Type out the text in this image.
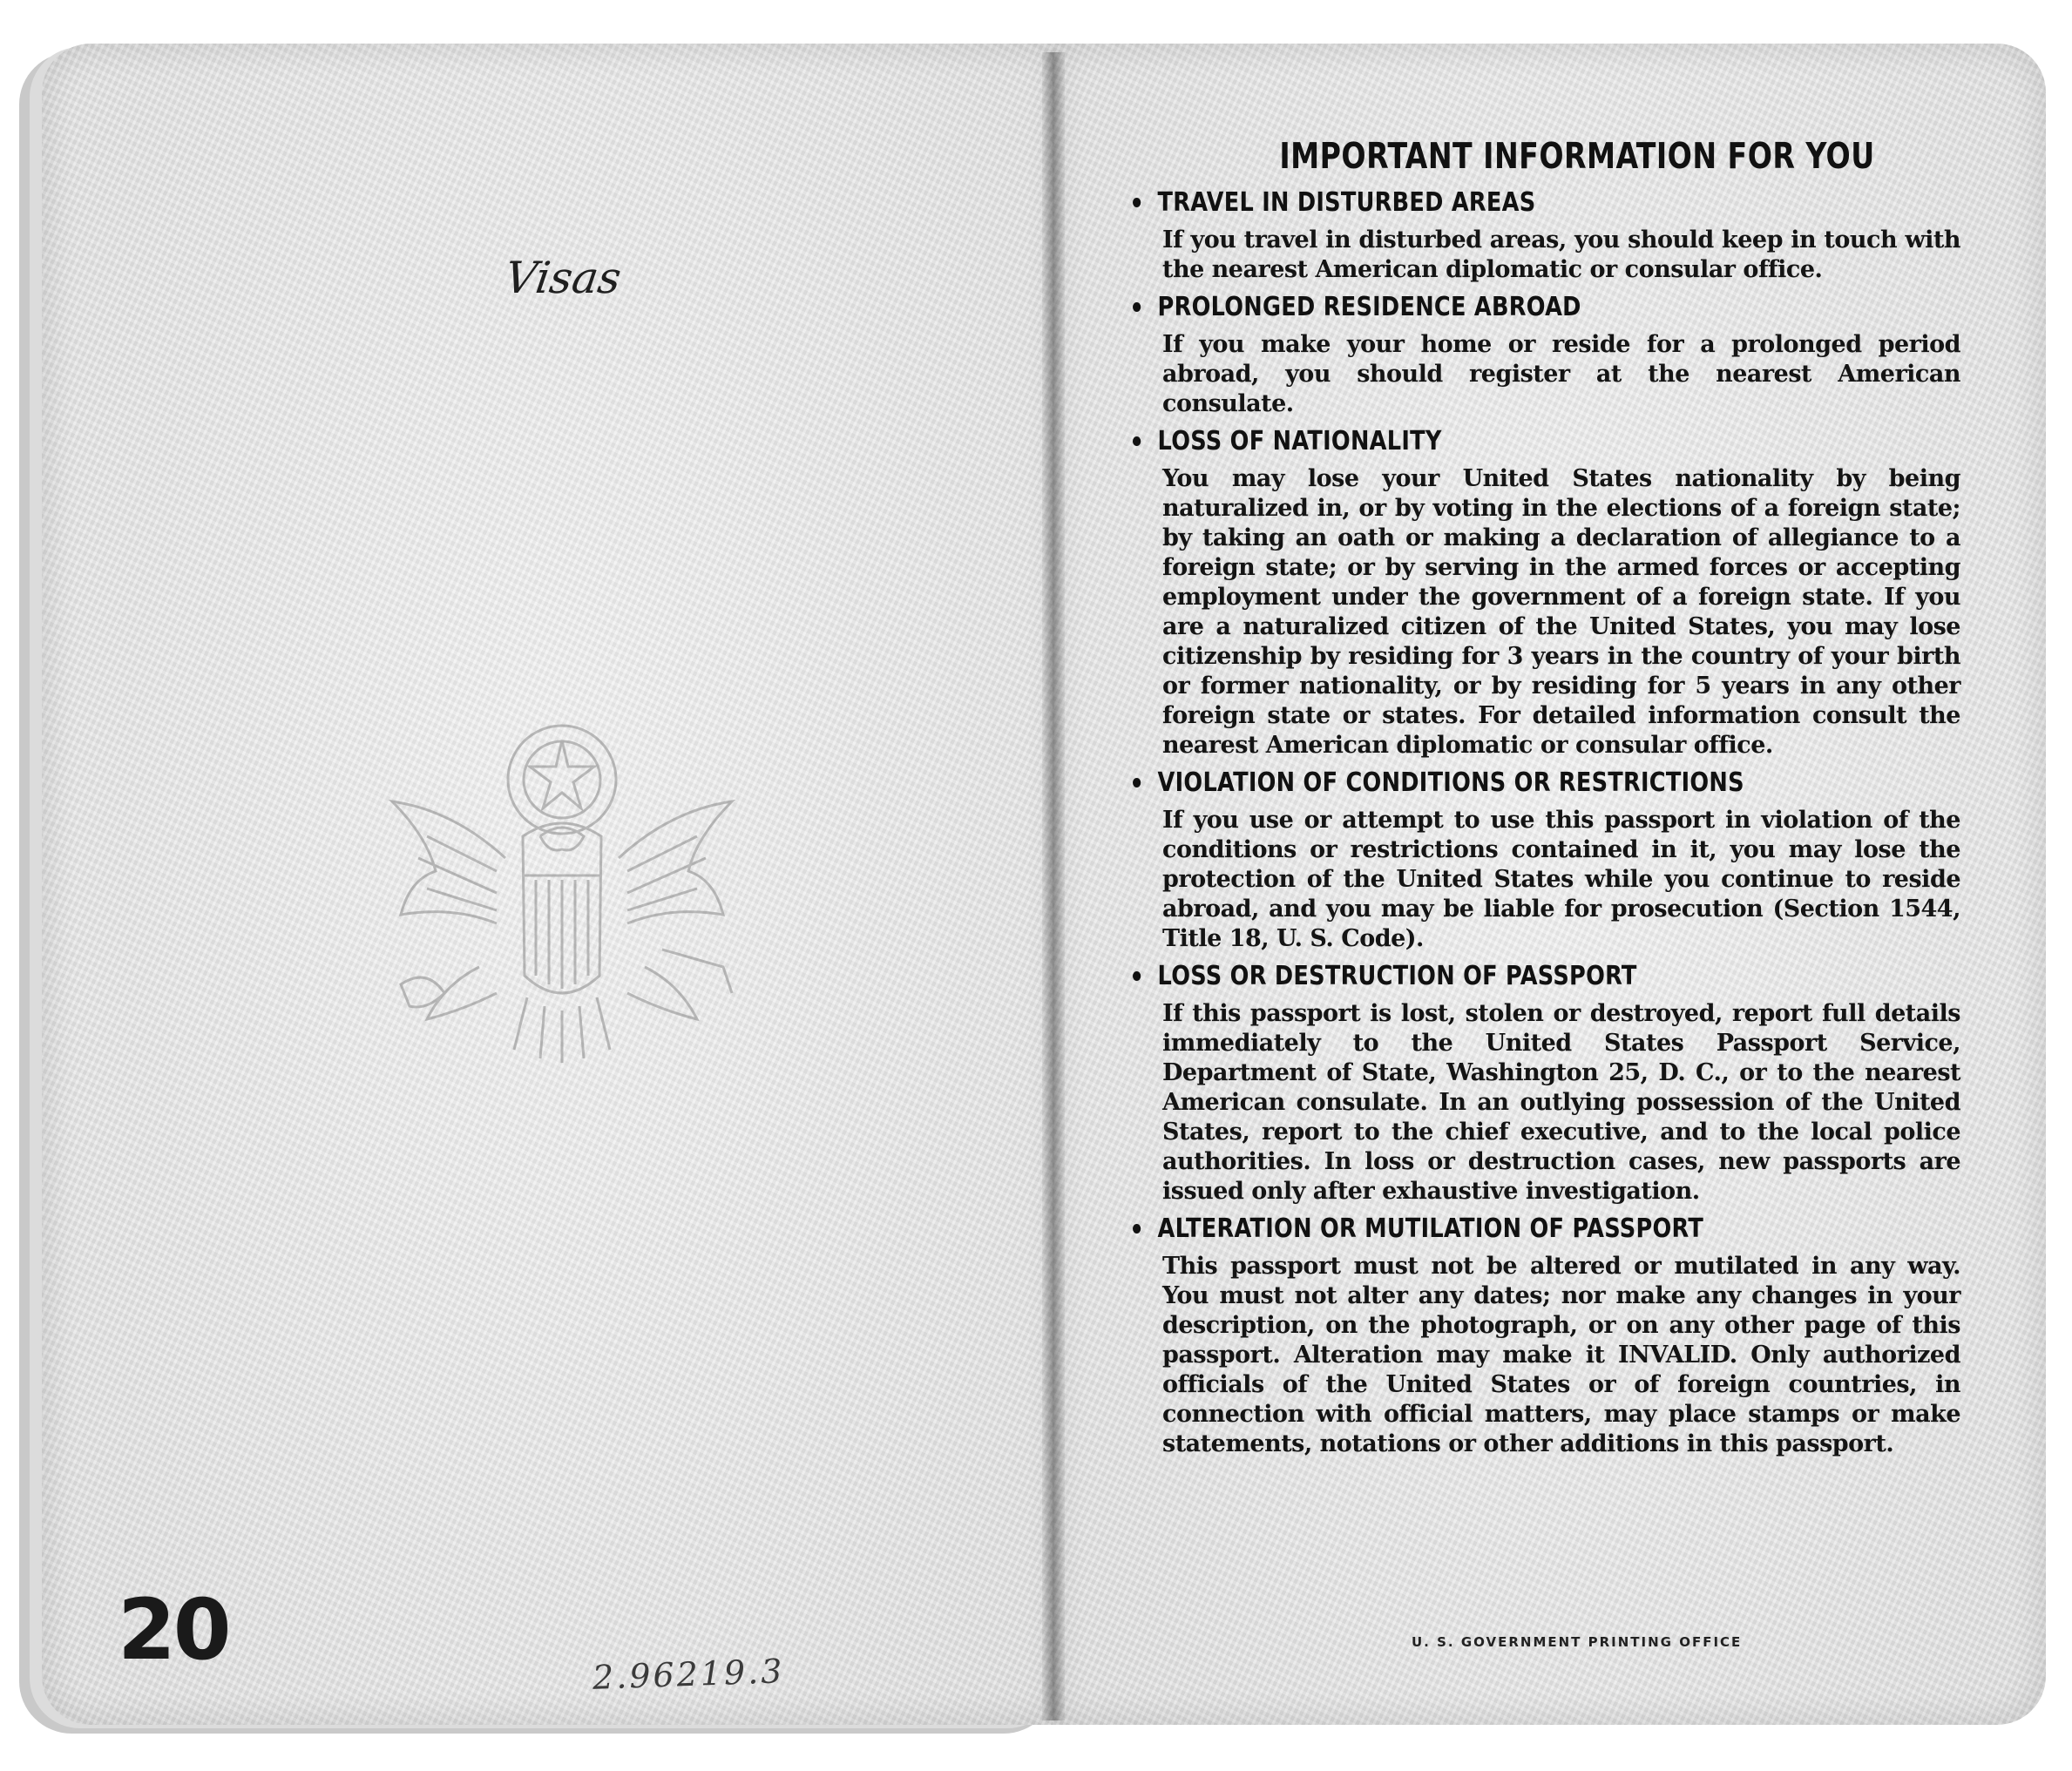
Visas
20	2.96219.3
IMPORTANT INFORMATION FOR YOU
TRAVEL IN DISTURBED AREAS
If you travel in disturbed areas, you should keep in touch with the nearest American diplomatic or consular office.
PROLONGED RESIDENCE ABROAD
If you make your home or reside for a prolonged period abroad, you should register at the nearest American consulate.
LOSS OF NATIONALITY
You may lose your United States nationality by being naturalized in, or by voting in the elections of a foreign state; by taking an oath or making a declaration of allegiance to a foreign state; or by serving in the armed forces or accepting employment under the government of a foreign state. If you are a naturalized citizen of the United States, you may lose citizenship by residing for 3 years in the country of your birth or former nationality, or by residing for 5 years in any other foreign state or states. For detailed information consult the nearest American diplomatic or consular office.
VIOLATION OF CONDITIONS OR RESTRICTIONS
If you use or attempt to use this passport in violation of the conditions or restrictions contained in it, you may lose the protection of the United States while you continue to reside abroad, and you may be liable for prosecution (Section 1544, Title 18, U. S. Code).
LOSS OR DESTRUCTION OF PASSPORT
If this passport is lost, stolen or destroyed, report full details immediately to the United States Passport Service, Department of State, Washington 25, D. C., or to the nearest American consulate. In an outlying possession of the United States, report to the chief executive, and to the local police authorities. In loss or destruction cases, new passports are issued only after exhaustive investigation.
ALTERATION OR MUTILATION OF PASSPORT
This passport must not be altered or mutilated in any way. You must not alter any dates; nor make any changes in your description, on the photograph, or on any other page of this passport. Alteration may make it INVALID. Only authorized officials of the United States or of foreign countries, in connection with official matters, may place stamps or make statements, notations or other additions in this passport.
U. S. GOVERNMENT PRINTING OFFICE
